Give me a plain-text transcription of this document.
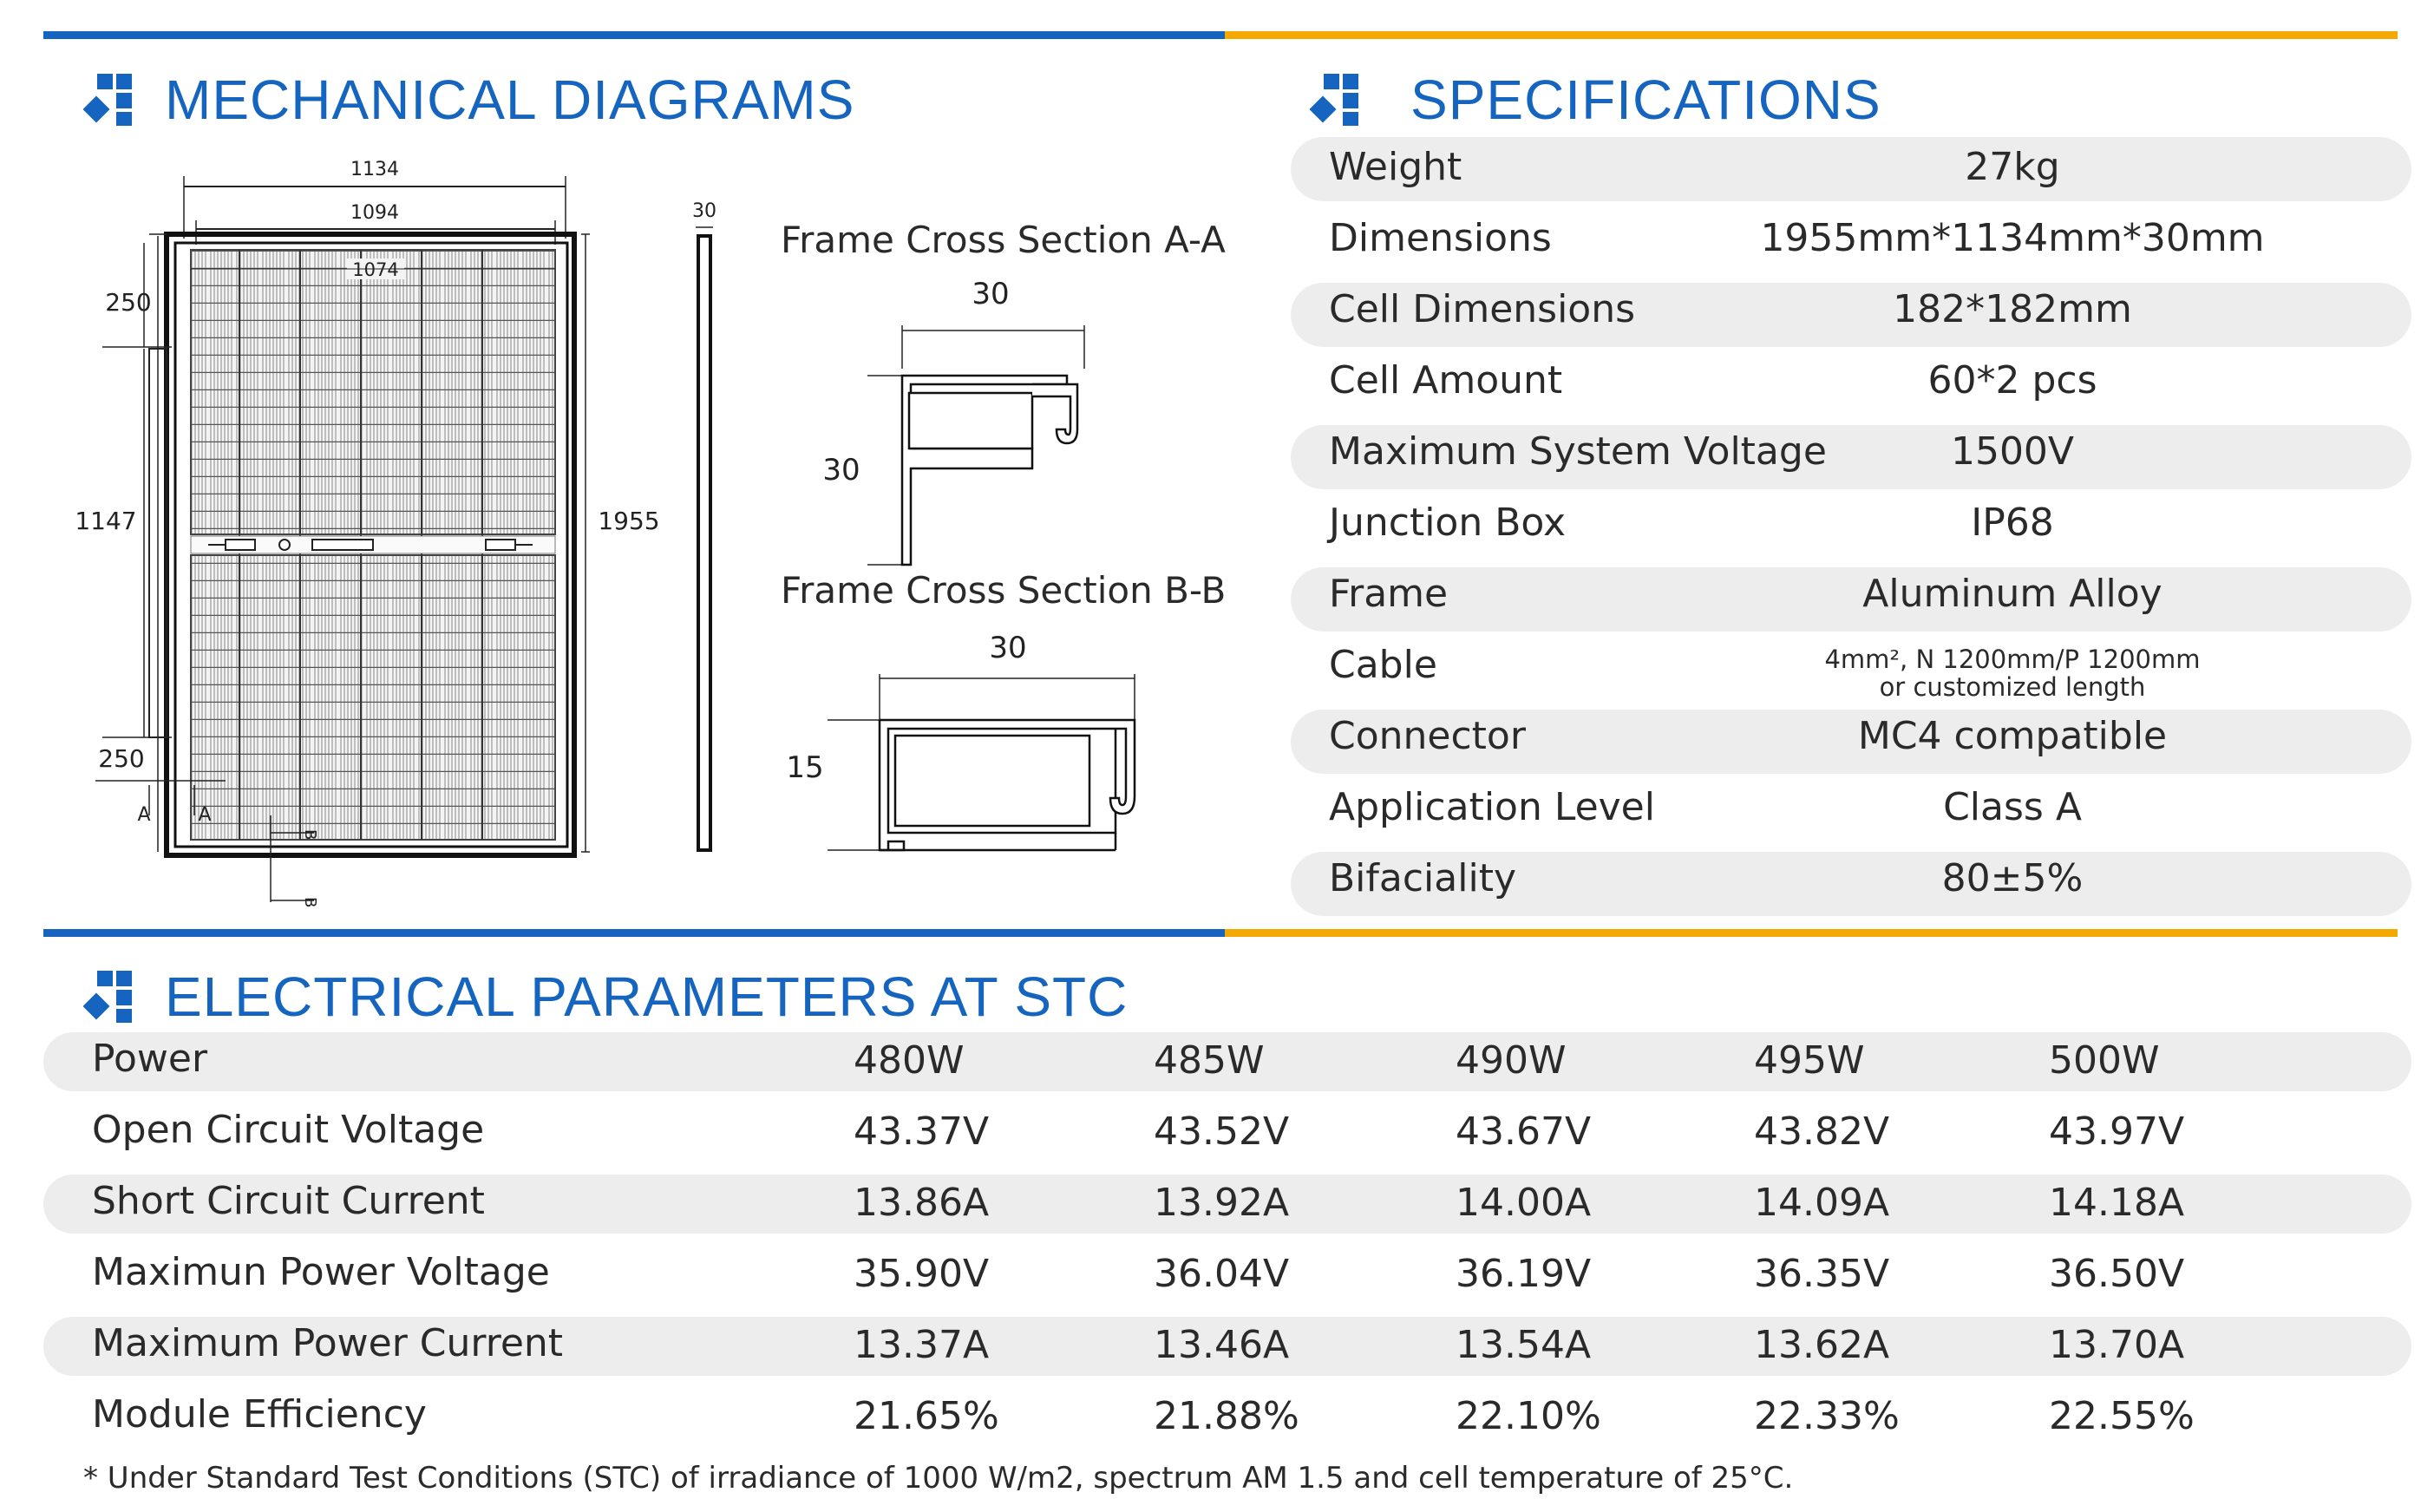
MECHANICAL DIAGRAMS	SPECIFICATIONS
1134
1094
1074
250
1147
250
A A
B
B
1955
30
Frame Cross Section A-A
30
30
Frame Cross Section B-B
30
15
Weight	27kg
Dimensions	1955mm*1134mm*30mm
Cell Dimensions	182*182mm
Cell Amount	60*2 pcs
Maximum System Voltage	1500V
Junction Box	IP68
Frame	Aluminum Alloy
Cable	4mm², N 1200mm/P 1200mm
or customized length
Connector	MC4 compatible
Application Level	Class A
Bifaciality	80±5%
ELECTRICAL PARAMETERS AT STC
Power	480W	485W	490W	495W	500W
Open Circuit Voltage	43.37V	43.52V	43.67V	43.82V	43.97V
Short Circuit Current	13.86A	13.92A	14.00A	14.09A	14.18A
Maximun Power Voltage	35.90V	36.04V	36.19V	36.35V	36.50V
Maximum Power Current	13.37A	13.46A	13.54A	13.62A	13.70A
Module Efficiency	21.65%	21.88%	22.10%	22.33%	22.55%
* Under Standard Test Conditions (STC) of irradiance of 1000 W/m2, spectrum AM 1.5 and cell temperature of 25°C.
